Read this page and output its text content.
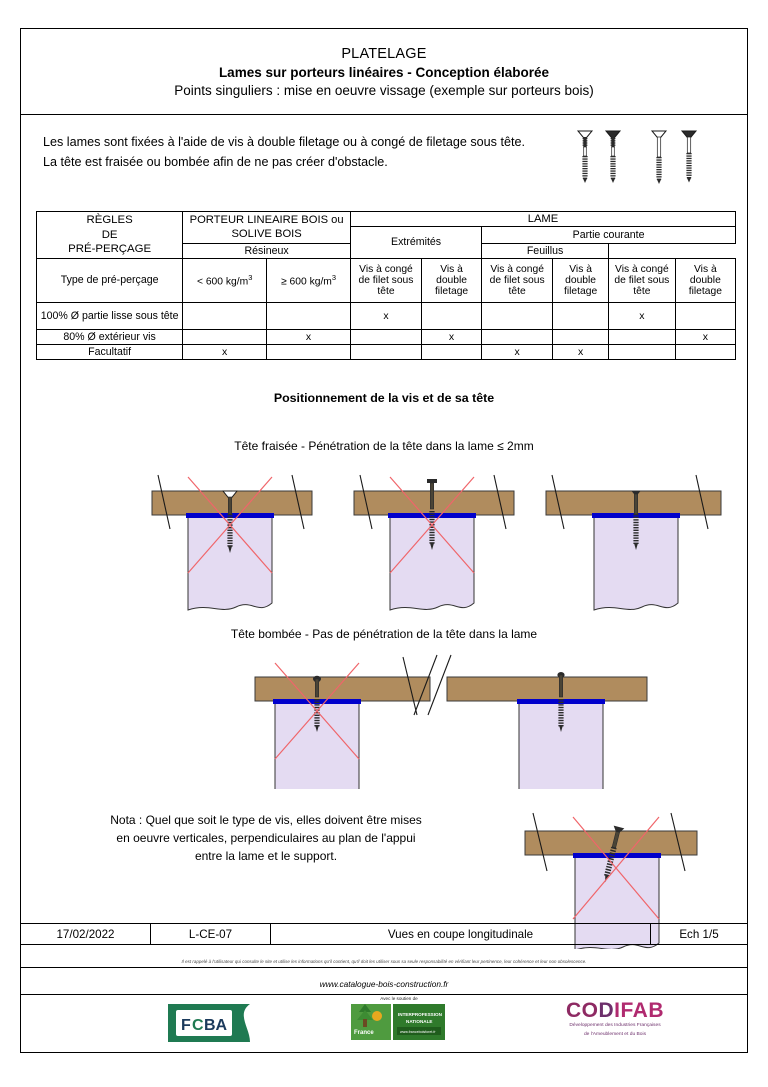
PLATELAGE
Lames sur porteurs linéaires - Conception élaborée
Points singuliers : mise en oeuvre vissage (exemple sur porteurs bois)
Les lames sont fixées à l'aide de vis à double filetage ou à congé de filetage sous tête.
La tête est fraisée ou bombée afin de ne pas créer d'obstacle.
RÈGLES
DE
PRÉ-PERÇAGE	PORTEUR LINEAIRE BOIS ou SOLIVE BOIS		LAME					
			Extrémités		Partie courante			
	Résineux				Feuillus			
Type de pré-perçage	< 600 $kg/m^3$	≥ 600 $kg/m^3$	Vis à congé de filet sous tête	Vis à double filetage	Vis à congé de filet sous tête	Vis à double filetage	Vis à congé de filet sous tête	Vis à double filetage
100% Ø partie lisse sous tête			x				x	
80% Ø extérieur vis		x		x				x
Facultatif	x				x	x		
Positionnement de la vis et de sa tête
Tête fraisée - Pénétration de la tête dans la lame ≤ 2mm
Tête bombée - Pas de pénétration de la tête dans la lame
Nota : Quel que soit le type de vis, elles doivent être mises
en oeuvre verticales, perpendiculaires au plan de l'appui
entre la lame et le support.
17/02/2022	L-CE-07	Vues en coupe longitudinale	Ech 1/5
Il est rappelé à l'utilisateur qui consulte le site et utilise les informations qu'il contient, qu'il doit les utiliser sous sa seule responsabilité en vérifiant leur pertinence, leur cohérence et leur non obsolescence.
www.catalogue-bois-construction.fr
F C BA
Avec le soutien de
France
INTERPROFESSION
NATIONALE
www.franceboisforet.fr
CODIFAB
Développement des Industries Françaises
de l'Ameublement et du Bois
